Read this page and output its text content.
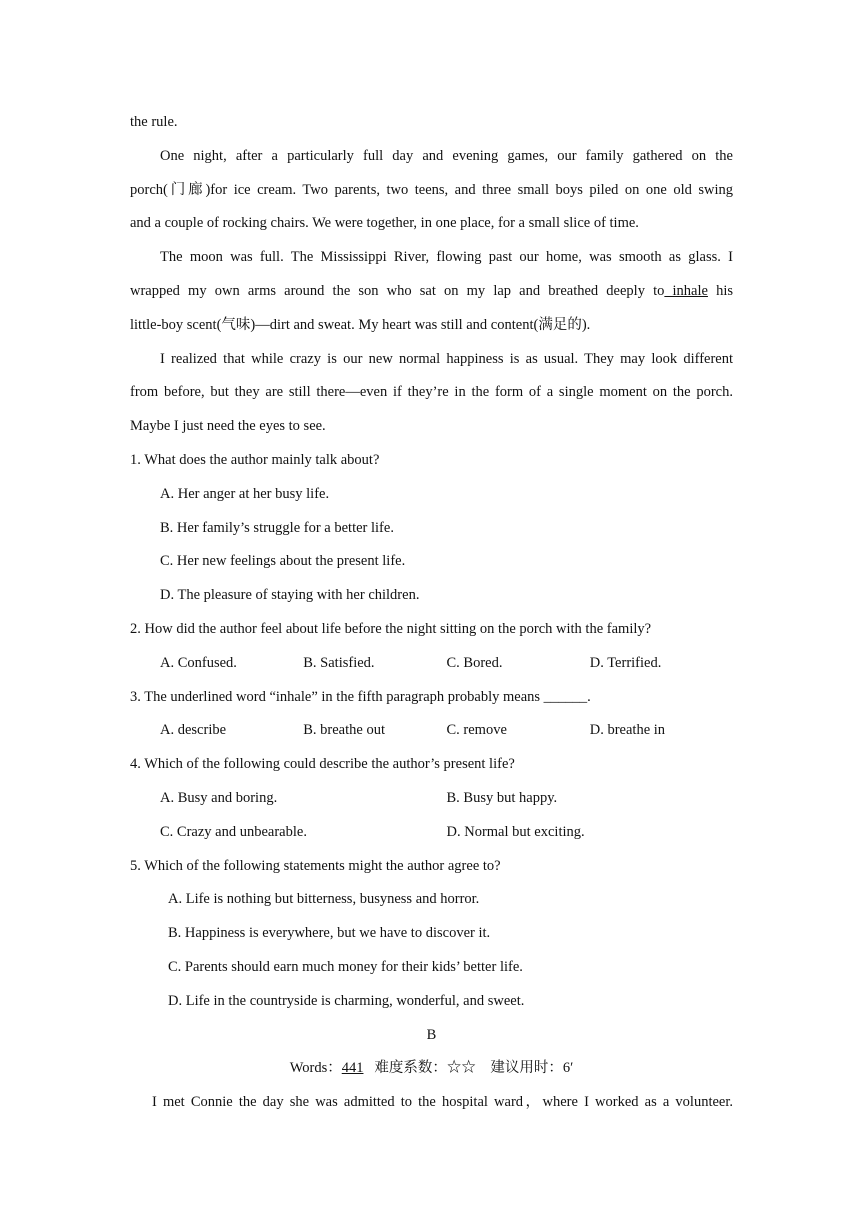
the rule.
One night, after a particularly full day and evening games, our family gathered on the
porch(门廊)for ice cream. Two parents, two teens, and three small boys piled on one old swing
and a couple of rocking chairs. We were together, in one place, for a small slice of time.
The moon was full. The Mississippi River, flowing past our home, was smooth as glass. I
wrapped my own arms around the son who sat on my lap and breathed deeply to inhale his
little-boy scent(气味)—dirt and sweat. My heart was still and content(满足的).
I realized that while crazy is our new normal happiness is as usual. They may look different
from before, but they are still there—even if they’re in the form of a single moment on the porch.
Maybe I just need the eyes to see.
1. What does the author mainly talk about?
A. Her anger at her busy life.
B. Her family’s struggle for a better life.
C. Her new feelings about the present life.
D. The pleasure of staying with her children.
2. How did the author feel about life before the night sitting on the porch with the family?
A. Confused.	B. Satisfied.	C. Bored.	D. Terrified.
3. The underlined word “inhale” in the fifth paragraph probably means ______.
A. describe	B. breathe out	C. remove	D. breathe in
4. Which of the following could describe the author’s present life?
A. Busy and boring.	B. Busy but happy.
C. Crazy and unbearable.	D. Normal but exciting.
5. Which of the following statements might the author agree to?
A. Life is nothing but bitterness, busyness and horror.
B. Happiness is everywhere, but we have to discover it.
C. Parents should earn much money for their kids’ better life.
D. Life in the countryside is charming, wonderful, and sweet.
B
Words：441   难度系数：☆☆    建议用时：6′
I met Connie the day she was admitted to the hospital ward，where I worked as a volunteer.
